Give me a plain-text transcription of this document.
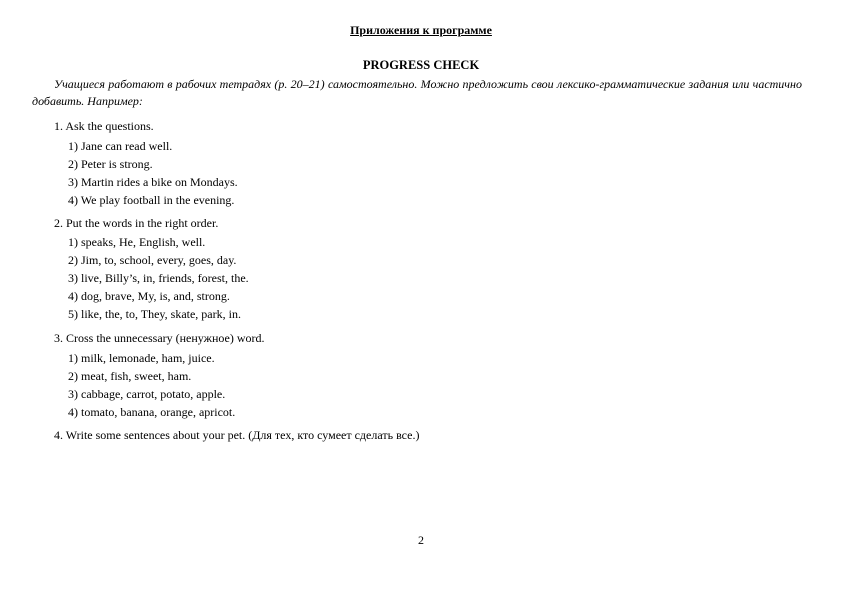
Приложения к программе
PROGRESS CHECK
Учащиеся работают в рабочих тетрадях (р. 20–21) самостоятельно. Можно предложить свои лексико-грамматические задания или частично добавить. Например:
1. Ask the questions.
1) Jane can read well.
2) Peter is strong.
3) Martin rides a bike on Mondays.
4) We play football in the evening.
2. Put the words in the right order.
1) speaks, He, English, well.
2) Jim, to, school, every, goes, day.
3) live, Billy’s, in, friends, forest, the.
4) dog, brave, My, is, and, strong.
5) like, the, to, They, skate, park, in.
3. Cross the unnecessary (ненужное) word.
1) milk, lemonade, ham, juice.
2) meat, fish, sweet, ham.
3) cabbage, carrot, potato, apple.
4) tomato, banana, orange, apricot.
4. Write some sentences about your pet. (Для тех, кто сумеет сделать все.)
2
